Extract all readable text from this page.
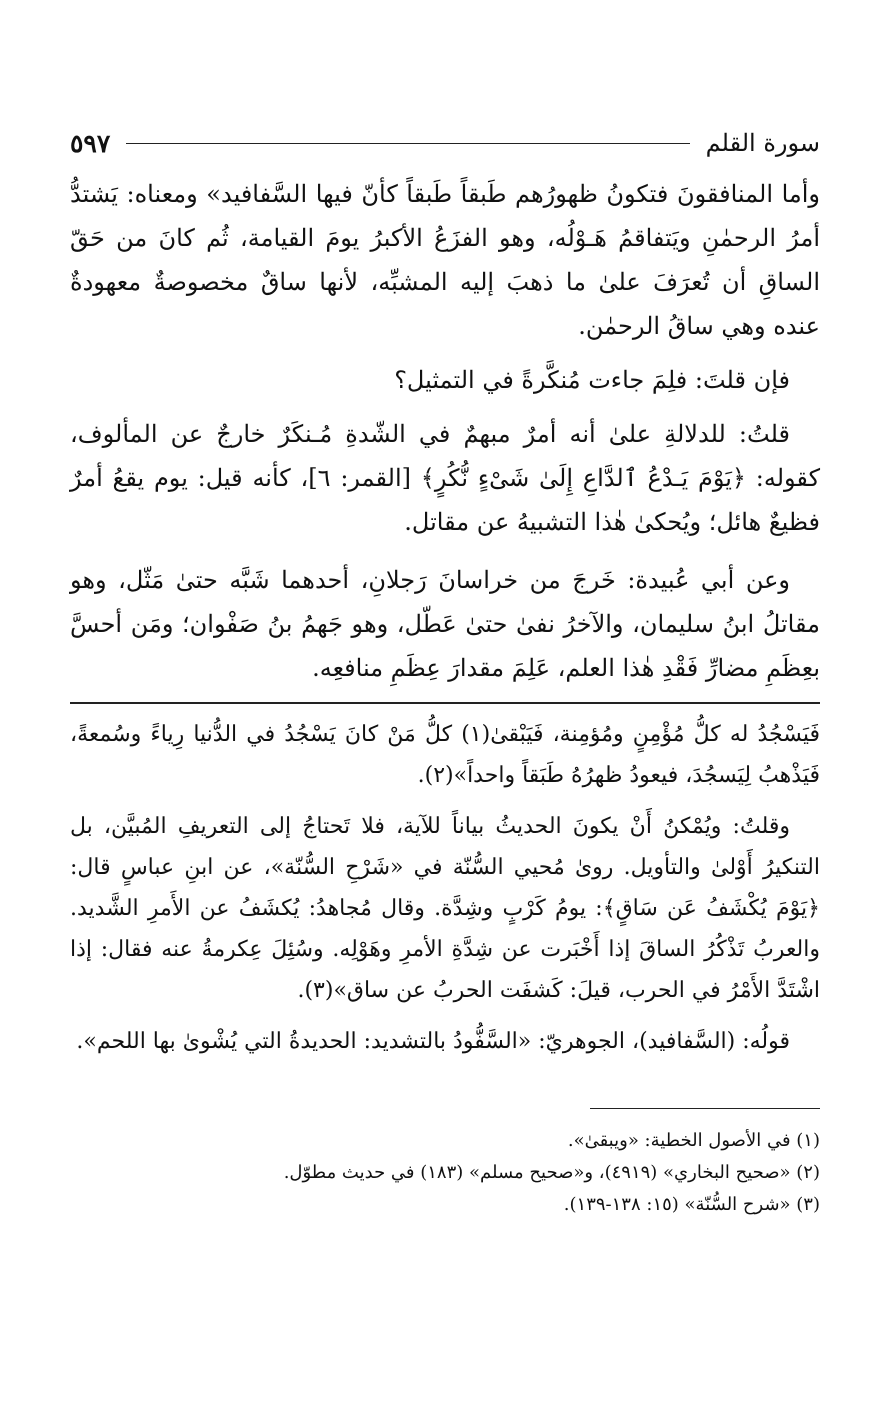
سورة القلم
٥٩٧

وأما المنافقونَ فتكونُ ظهورُهم طَبقاً طَبقاً كأنّ فيها السَّفافيد» ومعناه: يَشتدُّ أمرُ الرحمٰنِ ويَتفاقمُ هَـوْلُه، وهو الفزَعُ الأكبرُ يومَ القيامة، ثُم كانَ من حَقّ الساقِ أن تُعرَفَ علىٰ ما ذهبَ إليه المشبِّه، لأنها ساقٌ مخصوصةٌ معهودةٌ عنده وهي ساقُ الرحمٰن.

فإن قلتَ: فلِمَ جاءت مُنكَّرةً في التمثيل؟

قلتُ: للدلالةِ علىٰ أنه أمرٌ مبهمٌ في الشّدةِ مُـنكَرٌ خارجٌ عن المألوف، كقوله: ﴿يَوْمَ يَـدْعُ ٱلدَّاعِ إِلَىٰ شَىْءٍ نُّكُرٍ﴾ [القمر: ٦]، كأنه قيل: يوم يقعُ أمرٌ فظيعٌ هائل؛ ويُحكىٰ هٰذا التشبيهُ عن مقاتل.

وعن أبي عُبيدة: خَرجَ من خراسانَ رَجلانِ، أحدهما شَبَّه حتىٰ مَثّل، وهو مقاتلُ ابنُ سليمان، والآخرُ نفىٰ حتىٰ عَطّل، وهو جَهمُ بنُ صَفْوان؛ ومَن أحسَّ بعِظَمِ مضارِّ فَقْدِ هٰذا العلم، عَلِمَ مقدارَ عِظَمِ منافعِه.

فَيَسْجُدُ له كلُّ مُؤْمِنٍ ومُؤمِنة، فَيَبْقىٰ(١) كلُّ مَنْ كانَ يَسْجُدُ في الدُّنيا رِياءً وسُمعةً، فَيَذْهبُ لِيَسجُدَ، فيعودُ ظهرُهُ طَبَقاً واحداً»(٢).

وقلتُ: ويُمْكنُ أَنْ يكونَ الحديثُ بياناً للآية، فلا تَحتاجُ إلى التعريفِ المُبيَّن، بل التنكيرُ أَوْلىٰ والتأويل. روىٰ مُحيي السُّنّة في «شَرْحِ السُّنّة»، عن ابنِ عباسٍ قال: ﴿يَوْمَ يُكْشَفُ عَن سَاقٍ﴾: يومُ كَرْبٍ وشِدَّة. وقال مُجاهدُ: يُكشَفُ عن الأَمرِ الشَّديد. والعربُ تَذْكُرُ الساقَ إذا أَخْبَرت عن شِدَّةِ الأمرِ وهَوْلِه. وسُئِلَ عِكرمةُ عنه فقال: إذا اشْتَدَّ الأَمْرُ في الحرب، قيلَ: كَشفَت الحربُ عن ساق»(٣).

قولُه: (السَّفافيد)، الجوهريّ: «السَّفُّودُ بالتشديد: الحديدةُ التي يُشْوىٰ بها اللحم».

(١) في الأصول الخطية: «ويبقىٰ».

(٢) «صحيح البخاري» (٤٩١٩)، و«صحيح مسلم» (١٨٣) في حديث مطوّل.

(٣) «شرح السُّنّة» (١٥: ١٣٨-١٣٩).
